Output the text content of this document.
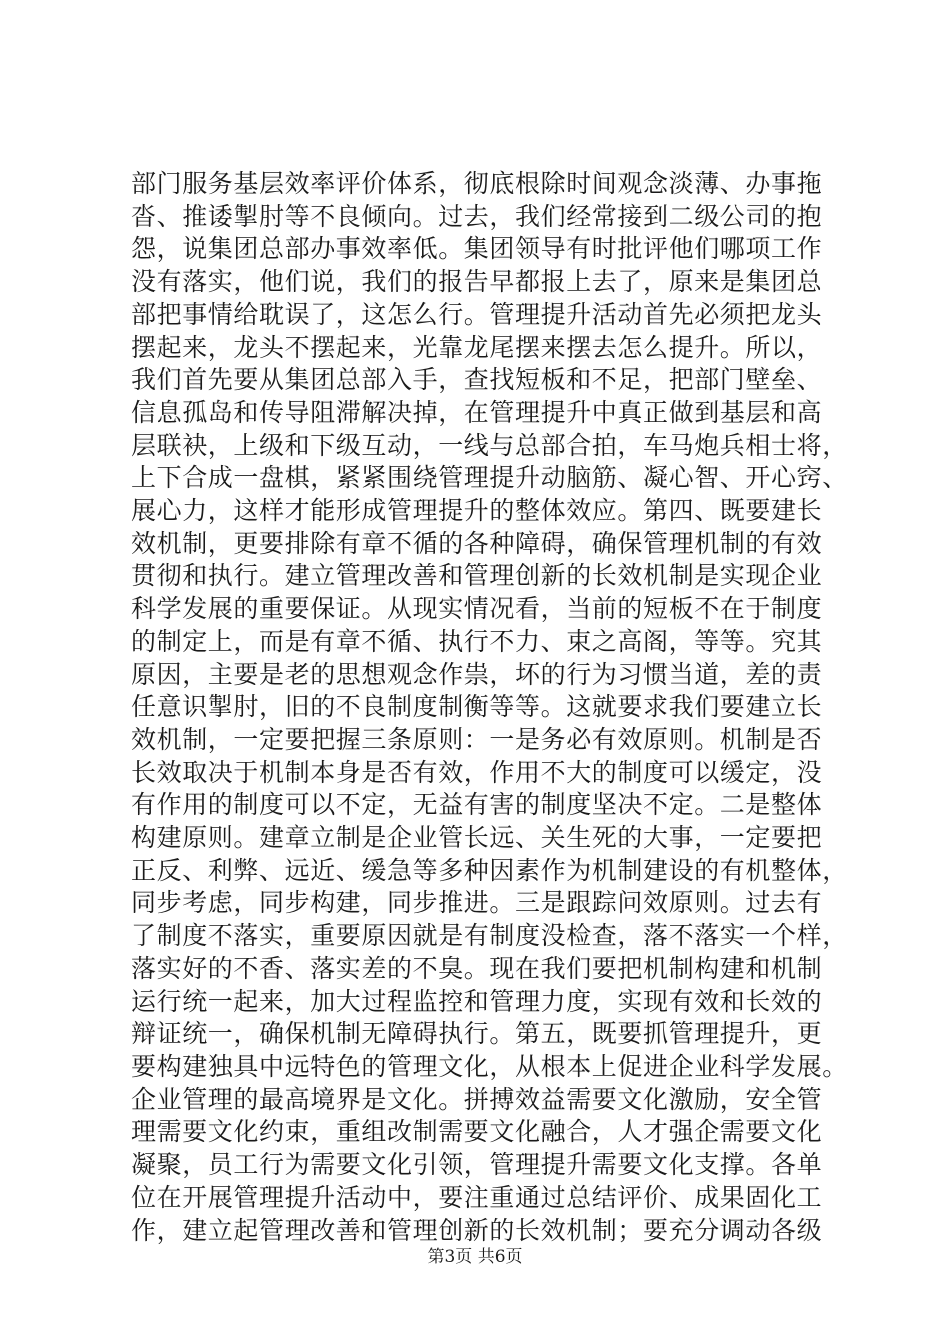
部门服务基层效率评价体系，彻底根除时间观念淡薄、办事拖
沓、推诿掣肘等不良倾向。过去，我们经常接到二级公司的抱
怨，说集团总部办事效率低。集团领导有时批评他们哪项工作
没有落实，他们说，我们的报告早都报上去了，原来是集团总
部把事情给耽误了，这怎么行。管理提升活动首先必须把龙头
摆起来，龙头不摆起来，光靠龙尾摆来摆去怎么提升。所以，
我们首先要从集团总部入手，查找短板和不足，把部门壁垒、
信息孤岛和传导阻滞解决掉，在管理提升中真正做到基层和高
层联袂，上级和下级互动，一线与总部合拍，车马炮兵相士将，
上下合成一盘棋，紧紧围绕管理提升动脑筋、凝心智、开心窍、
展心力，这样才能形成管理提升的整体效应。第四、既要建长
效机制，更要排除有章不循的各种障碍，确保管理机制的有效
贯彻和执行。建立管理改善和管理创新的长效机制是实现企业
科学发展的重要保证。从现实情况看，当前的短板不在于制度
的制定上，而是有章不循、执行不力、束之高阁，等等。究其
原因，主要是老的思想观念作祟，坏的行为习惯当道，差的责
任意识掣肘，旧的不良制度制衡等等。这就要求我们要建立长
效机制，一定要把握三条原则：一是务必有效原则。机制是否
长效取决于机制本身是否有效，作用不大的制度可以缓定，没
有作用的制度可以不定，无益有害的制度坚决不定。二是整体
构建原则。建章立制是企业管长远、关生死的大事，一定要把
正反、利弊、远近、缓急等多种因素作为机制建设的有机整体，
同步考虑，同步构建，同步推进。三是跟踪问效原则。过去有
了制度不落实，重要原因就是有制度没检查，落不落实一个样，
落实好的不香、落实差的不臭。现在我们要把机制构建和机制
运行统一起来，加大过程监控和管理力度，实现有效和长效的
辩证统一，确保机制无障碍执行。第五，既要抓管理提升，更
要构建独具中远特色的管理文化，从根本上促进企业科学发展。
企业管理的最高境界是文化。拼搏效益需要文化激励，安全管
理需要文化约束，重组改制需要文化融合，人才强企需要文化
凝聚，员工行为需要文化引领，管理提升需要文化支撑。各单
位在开展管理提升活动中，要注重通过总结评价、成果固化工
作，建立起管理改善和管理创新的长效机制；要充分调动各级
第3页 共6页
